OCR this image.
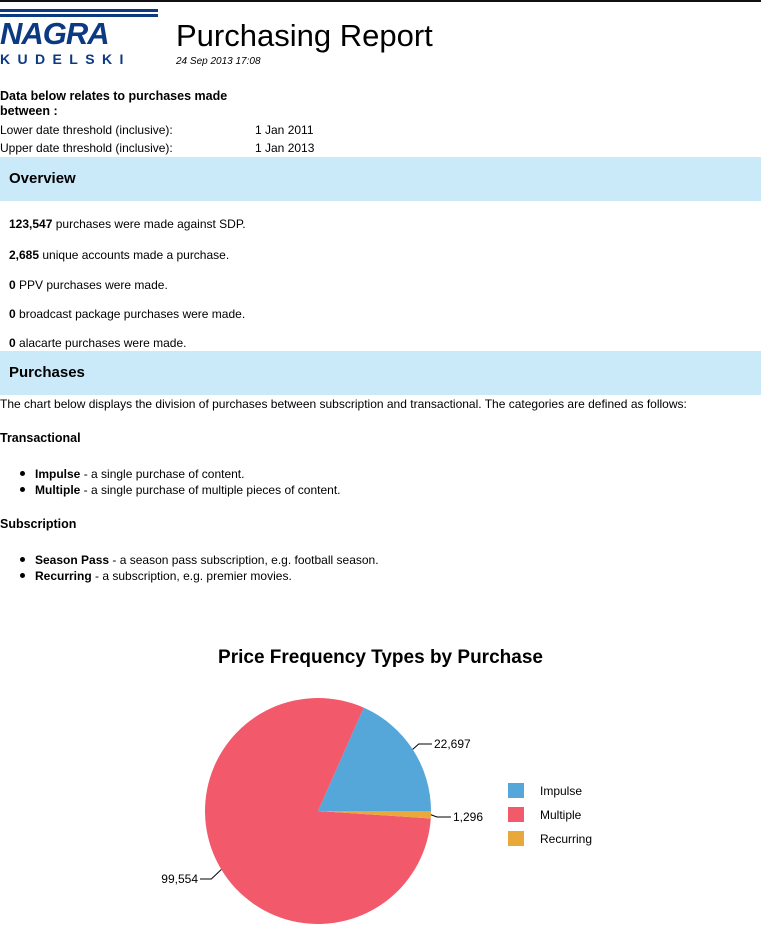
NAGRA
KUDELSKI
Purchasing Report
24 Sep 2013 17:08
Data below relates to purchases made between :
Lower date threshold (inclusive):	1 Jan 2011
Upper date threshold (inclusive):	1 Jan 2013
Overview
123,547 purchases were made against SDP.
2,685 unique accounts made a purchase.
0 PPV purchases were made.
0 broadcast package purchases were made.
0 alacarte purchases were made.
Purchases
The chart below displays the division of purchases between subscription and transactional. The categories are defined as follows:
Transactional
Impulse - a single purchase of content.
Multiple - a single purchase of multiple pieces of content.
Subscription
Season Pass - a season pass subscription, e.g. football season.
Recurring - a subscription, e.g. premier movies.
Price Frequency Types by Purchase
22,697
1,296
99,554
Impulse
Multiple
Recurring
